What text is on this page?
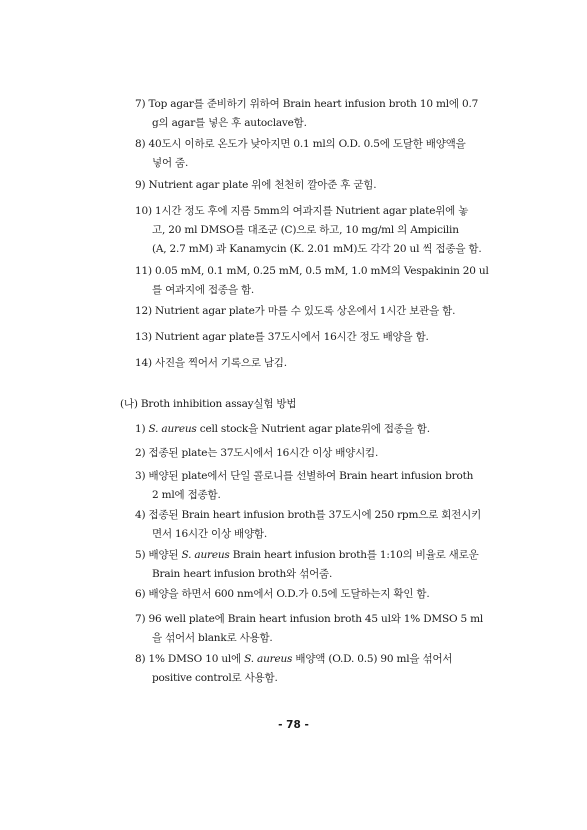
7) Top agar를 준비하기 위하여 Brain heart infusion broth 10 ml에 0.7
g의 agar를 넣은 후 autoclave함.
8) 40도시 이하로 온도가 낮아지면 0.1 ml의 O.D. 0.5에 도달한 배양액을
넣어 줌.
9) Nutrient agar plate 위에 천천히 깔아준 후 굳힘.
10) 1시간 정도 후에 지름 5mm의 여과지를 Nutrient agar plate위에 놓
고, 20 ml DMSO를 대조군 (C)으로 하고, 10 mg/ml 의 Ampicilin
(A, 2.7 mM) 과 Kanamycin (K. 2.01 mM)도 각각 20 ul 씩 접종을 함.
11) 0.05 mM, 0.1 mM, 0.25 mM, 0.5 mM, 1.0 mM의 Vespakinin 20 ul
를 여과지에 접종을 함.
12) Nutrient agar plate가 마를 수 있도록 상온에서 1시간 보관을 함.
13) Nutrient agar plate를 37도시에서 16시간 정도 배양을 함.
14) 사진을 찍어서 기록으로 남김.
(나) Broth inhibition assay실험 방법
1) S. aureus cell stock을 Nutrient agar plate위에 접종을 함.
2) 접종된 plate는 37도시에서 16시간 이상 배양시킴.
3) 배양된 plate에서 단일 콜로니를 선별하여 Brain heart infusion broth
2 ml에 접종함.
4) 접종된 Brain heart infusion broth를 37도시에 250 rpm으로 회전시키
면서 16시간 이상 배양함.
5) 배양된 S. aureus Brain heart infusion broth를 1:10의 비율로 새로운
Brain heart infusion broth와 섞어줌.
6) 배양을 하면서 600 nm에서 O.D.가 0.5에 도달하는지 확인 함.
7) 96 well plate에 Brain heart infusion broth 45 ul와 1% DMSO 5 ml
을 섞어서 blank로 사용함.
8) 1% DMSO 10 ul에 S. aureus 배양액 (O.D. 0.5) 90 ml을 섞어서
positive control로 사용함.
- 78 -
